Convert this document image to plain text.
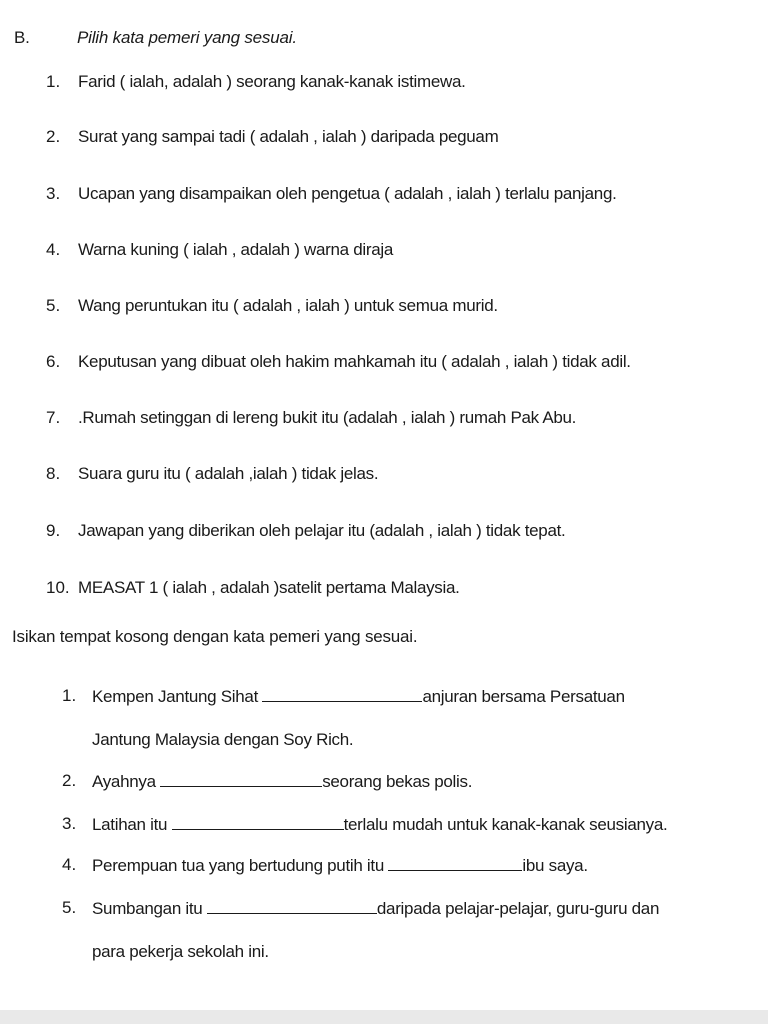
B.	Pilih kata pemeri yang sesuai.
1. Farid ( ialah, adalah ) seorang kanak-kanak istimewa.
2. Surat yang sampai tadi ( adalah , ialah ) daripada peguam
3. Ucapan yang disampaikan oleh pengetua ( adalah , ialah ) terlalu panjang.
4. Warna kuning ( ialah , adalah ) warna diraja
5. Wang peruntukan itu ( adalah , ialah ) untuk semua murid.
6. Keputusan yang dibuat oleh hakim mahkamah itu ( adalah , ialah ) tidak adil.
7. .Rumah setinggan di lereng bukit itu (adalah , ialah ) rumah Pak Abu.
8. Suara guru itu ( adalah ,ialah ) tidak jelas.
9. Jawapan yang diberikan oleh pelajar itu (adalah , ialah ) tidak tepat.
10. MEASAT 1 ( ialah , adalah )satelit pertama Malaysia.
Isikan tempat kosong dengan kata pemeri yang sesuai.
1. Kempen Jantung Sihat	anjuran bersama Persatuan
Jantung Malaysia dengan Soy Rich.
2. Ayahnya	seorang bekas polis.
3. Latihan itu	terlalu mudah untuk kanak-kanak seusianya.
4. Perempuan tua yang bertudung putih itu	ibu saya.
5. Sumbangan itu	daripada pelajar-pelajar, guru-guru dan
para pekerja sekolah ini.
